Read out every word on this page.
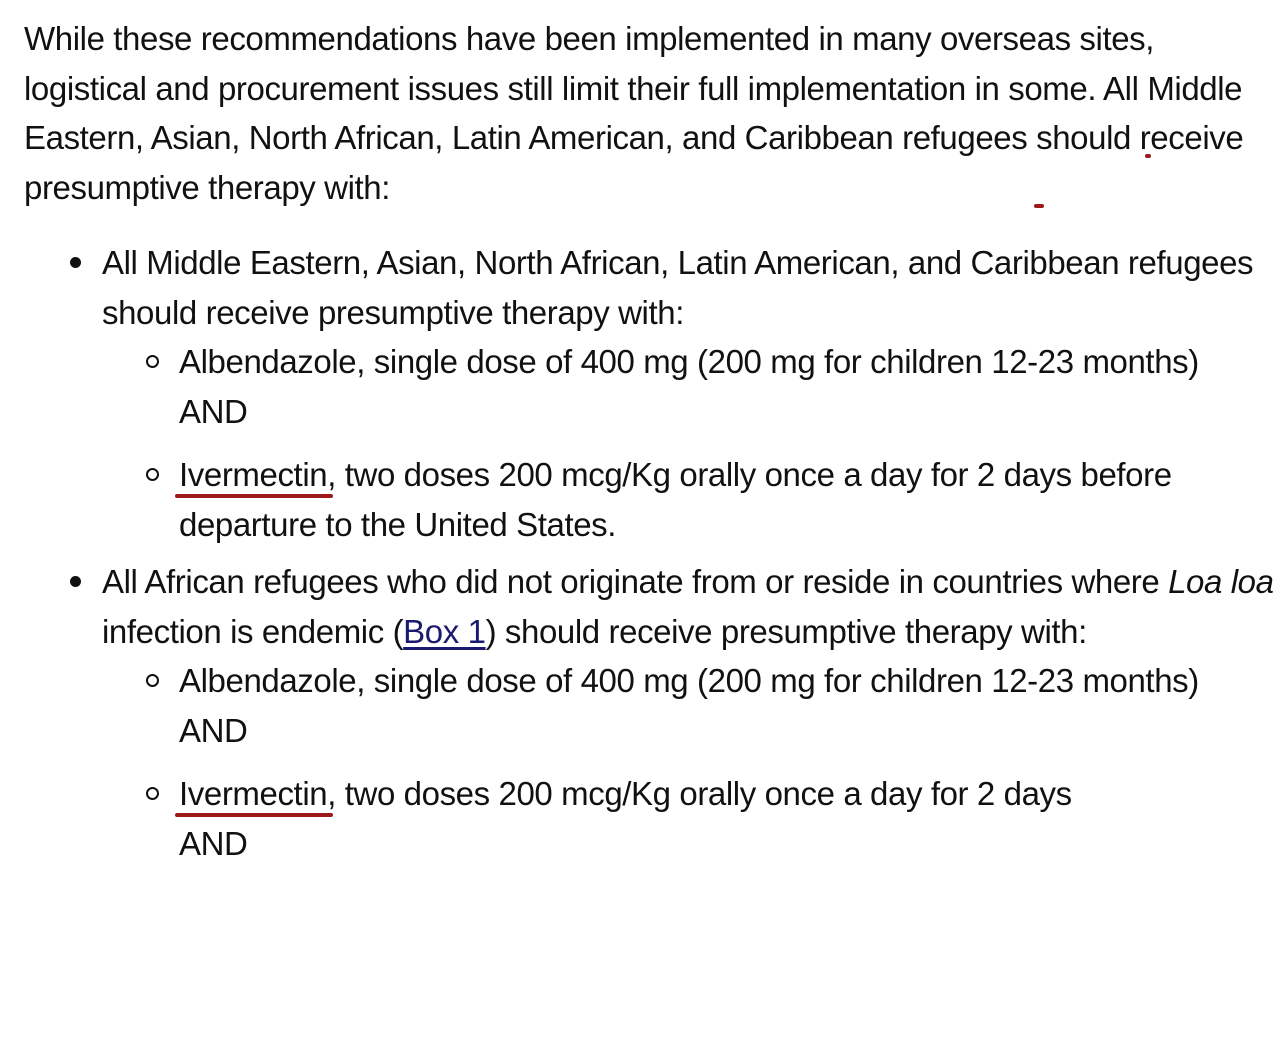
While these recommendations have been implemented in many overseas sites, logistical and procurement issues still limit their full implementation in some. All Middle Eastern, Asian, North African, Latin American, and Caribbean refugees should receive presumptive therapy with
:

All Middle Eastern, Asian, North African, Latin American, and Caribbean refugees should receive presumptive therapy with:
Albendazole, single dose of 400 mg (200 mg for children 12-23 months)
AND
Ivermectin
, two doses 200 mcg/Kg orally once a day for 2 days before departure to the United States.
All African refugees who did not originate from or reside in countries where Loa loa infection is endemic (Box 1) should receive presumptive therapy with:
Albendazole, single dose of 400 mg (200 mg for children 12-23 months)
AND
Ivermectin
, two doses 200 mcg/Kg orally once a day for 2 days
AND
